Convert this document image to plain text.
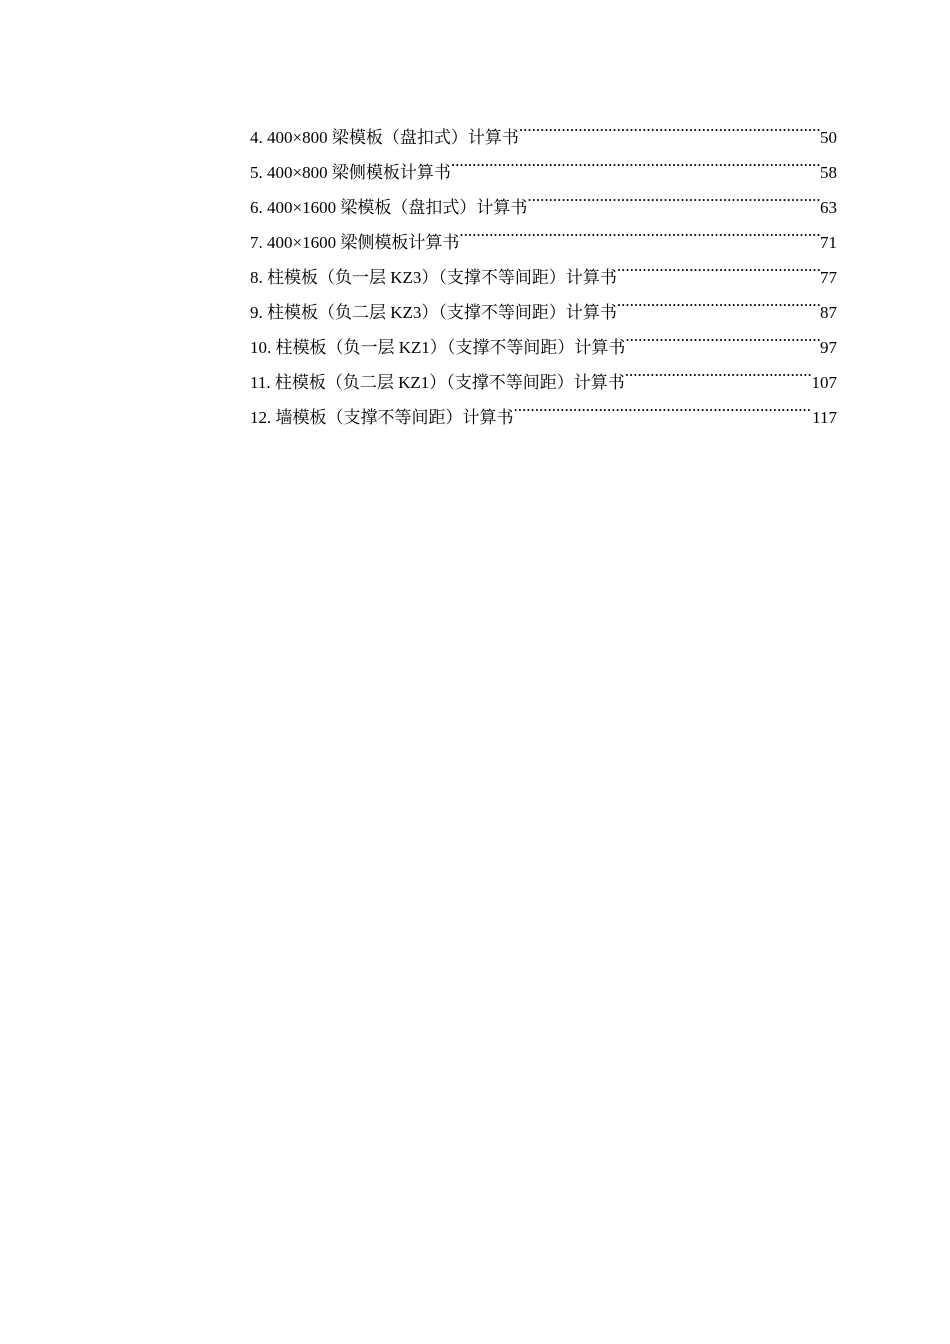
4. 400×800 梁模板（盘扣式）计算书 .....	50
5. 400×800 梁侧模板计算书 .....	58
6. 400×1600 梁模板（盘扣式）计算书 .....	63
7. 400×1600 梁侧模板计算书 .....	71
8. 柱模板（负一层 KZ3）（支撑不等间距）计算书 .....	77
9. 柱模板（负二层 KZ3）（支撑不等间距）计算书 .....	87
10. 柱模板（负一层 KZ1）（支撑不等间距）计算书 .....	97
11. 柱模板（负二层 KZ1）（支撑不等间距）计算书 .....	107
12. 墙模板（支撑不等间距）计算书 .....	117
